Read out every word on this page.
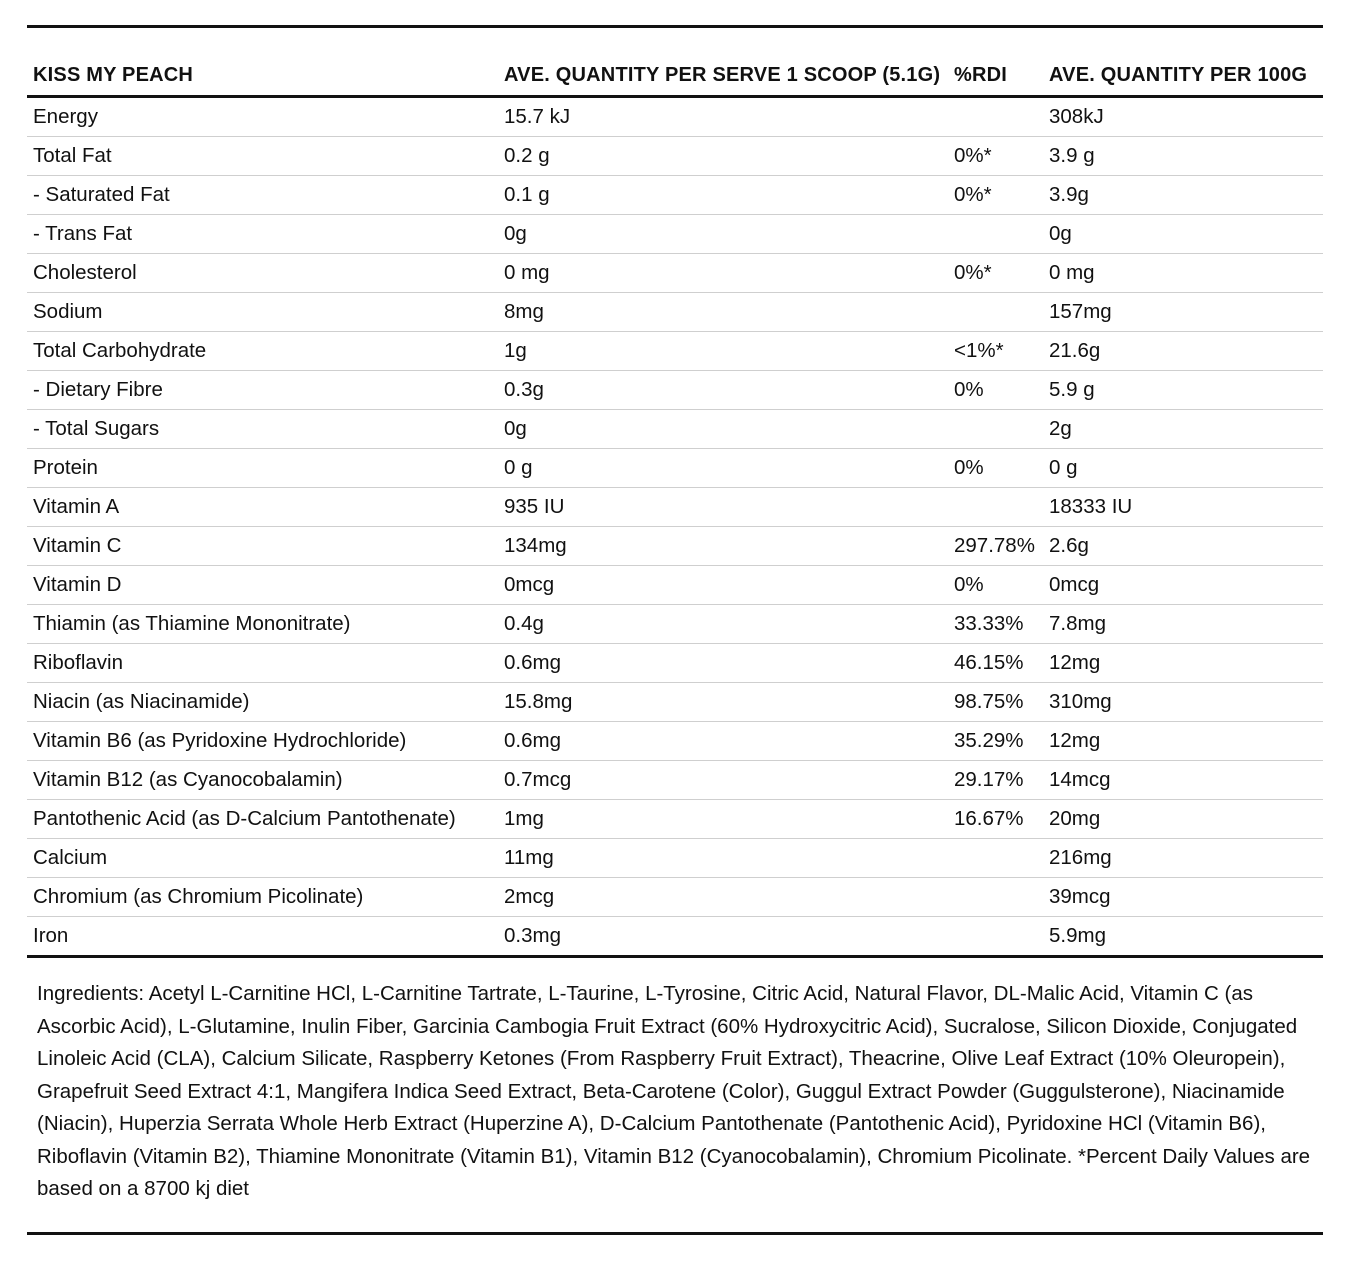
KISS MY PEACH	AVE. QUANTITY PER SERVE 1 SCOOP (5.1G)	%RDI	AVE. QUANTITY PER 100G
Energy	15.7 kJ		308kJ
Total Fat	0.2 g	0%*	3.9 g
- Saturated Fat	0.1 g	0%*	3.9g
- Trans Fat	0g		0g
Cholesterol	0 mg	0%*	0 mg
Sodium	8mg		157mg
Total Carbohydrate	1g	<1%*	21.6g
- Dietary Fibre	0.3g	0%	5.9 g
- Total Sugars	0g		2g
Protein	0 g	0%	0 g
Vitamin A	935 IU		18333 IU
Vitamin C	134mg	297.78%	2.6g
Vitamin D	0mcg	0%	0mcg
Thiamin (as Thiamine Mononitrate)	0.4g	33.33%	7.8mg
Riboflavin	0.6mg	46.15%	12mg
Niacin (as Niacinamide)	15.8mg	98.75%	310mg
Vitamin B6 (as Pyridoxine Hydrochloride)	0.6mg	35.29%	12mg
Vitamin B12 (as Cyanocobalamin)	0.7mcg	29.17%	14mcg
Pantothenic Acid (as D-Calcium Pantothenate)	1mg	16.67%	20mg
Calcium	11mg		216mg
Chromium (as Chromium Picolinate)	2mcg		39mcg
Iron	0.3mg		5.9mg

Ingredients: Acetyl L-Carnitine HCl, L-Carnitine Tartrate, L-Taurine, L-Tyrosine, Citric Acid, Natural Flavor, DL-Malic Acid, Vitamin C (as Ascorbic Acid), L-Glutamine, Inulin Fiber, Garcinia Cambogia Fruit Extract (60% Hydroxycitric Acid), Sucralose, Silicon Dioxide, Conjugated Linoleic Acid (CLA), Calcium Silicate, Raspberry Ketones (From Raspberry Fruit Extract), Theacrine, Olive Leaf Extract (10% Oleuropein), Grapefruit Seed Extract 4:1, Mangifera Indica Seed Extract, Beta-Carotene (Color), Guggul Extract Powder (Guggulsterone), Niacinamide (Niacin), Huperzia Serrata Whole Herb Extract (Huperzine A), D-Calcium Pantothenate (Pantothenic Acid), Pyridoxine HCl (Vitamin B6), Riboflavin (Vitamin B2), Thiamine Mononitrate (Vitamin B1), Vitamin B12 (Cyanocobalamin), Chromium Picolinate. *Percent Daily Values are based on a 8700 kj diet
